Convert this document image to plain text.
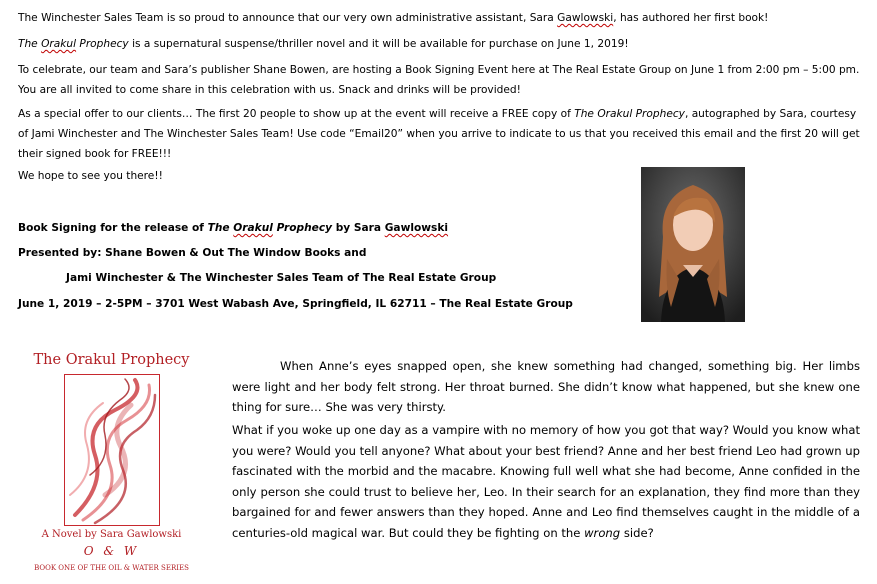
The Winchester Sales Team is so proud to announce that our very own administrative assistant, Sara Gawlowski, has authored her first book!

The Orakul Prophecy is a supernatural suspense/thriller novel and it will be available for purchase on June 1, 2019!

To celebrate, our team and Sara’s publisher Shane Bowen, are hosting a Book Signing Event here at The Real Estate Group on June 1 from 2:00 pm – 5:00 pm. You are all invited to come share in this celebration with us. Snack and drinks will be provided!

As a special offer to our clients… The first 20 people to show up at the event will receive a FREE copy of The Orakul Prophecy, autographed by Sara, courtesy of Jami Winchester and The Winchester Sales Team! Use code “Email20” when you arrive to indicate to us that you received this email and the first 20 will get their signed book for FREE!!!

We hope to see you there!!

Book Signing for the release of The Orakul Prophecy by Sara Gawlowski

Presented by: Shane Bowen & Out The Window Books and

Jami Winchester & The Winchester Sales Team of The Real Estate Group

June 1, 2019 – 2-5PM – 3701 West Wabash Ave, Springfield, IL 62711 – The Real Estate Group

The Orakul Prophecy
A Novel by Sara Gawlowski
O & W
BOOK ONE OF THE OIL & WATER SERIES

When Anne’s eyes snapped open, she knew something had changed, something big. Her limbs were light and her body felt strong. Her throat burned. She didn’t know what happened, but she knew one thing for sure… She was very thirsty.

What if you woke up one day as a vampire with no memory of how you got that way? Would you know what you were? Would you tell anyone? What about your best friend? Anne and her best friend Leo had grown up fascinated with the morbid and the macabre. Knowing full well what she had become, Anne confided in the only person she could trust to believe her, Leo. In their search for an explanation, they find more than they bargained for and fewer answers than they hoped. Anne and Leo find themselves caught in the middle of a centuries-old magical war. But could they be fighting on the wrong side?
